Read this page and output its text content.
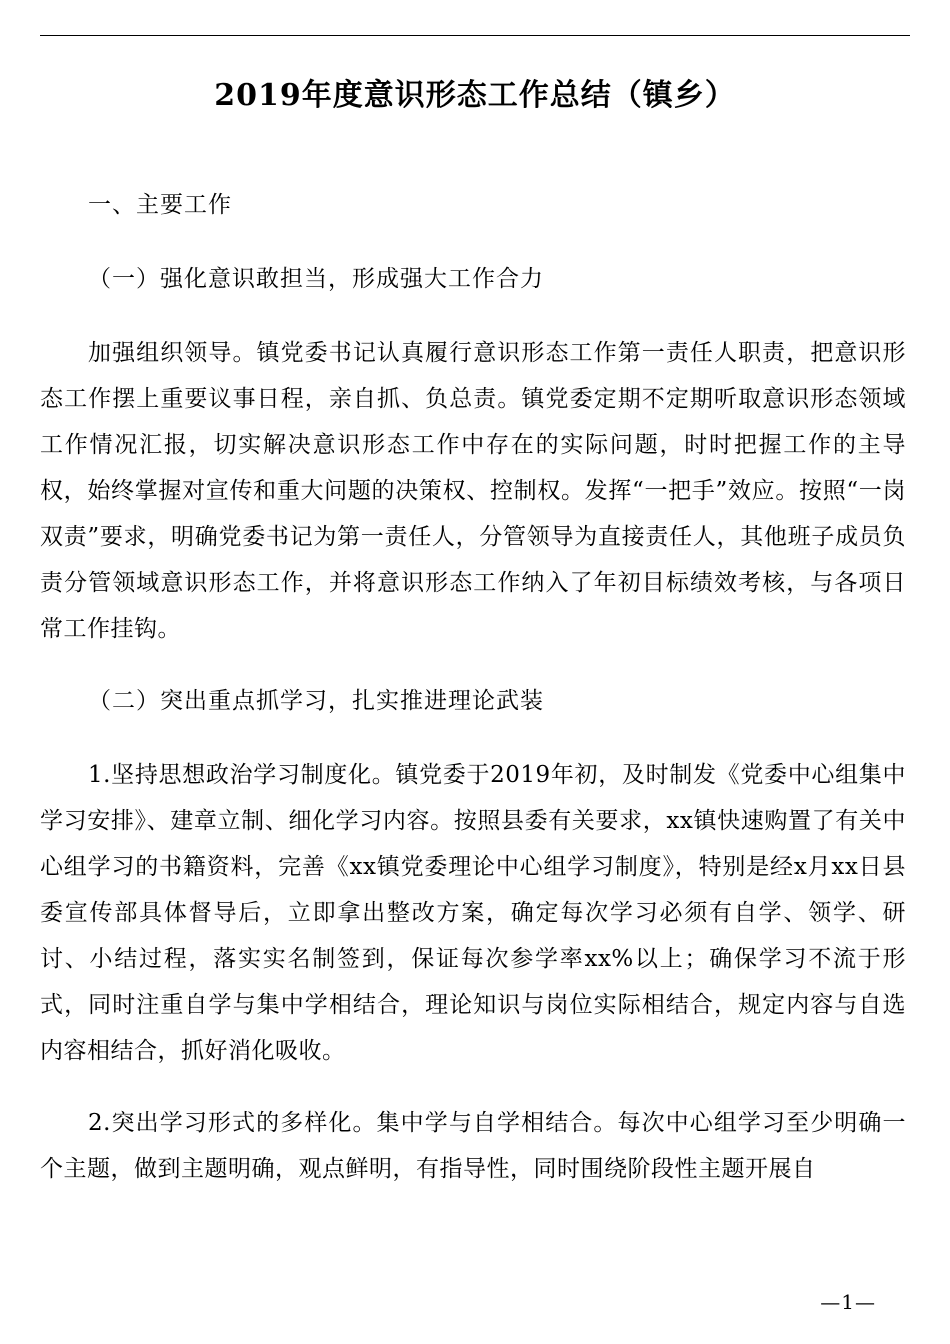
2019年度意识形态工作总结（镇乡）

一、主要工作

（一）强化意识敢担当，形成强大工作合力

加强组织领导。镇党委书记认真履行意识形态工作第一责任人职责，把意识形态工作摆上重要议事日程，亲自抓、负总责。镇党委定期不定期听取意识形态领域工作情况汇报，切实解决意识形态工作中存在的实际问题，时时把握工作的主导权，始终掌握对宣传和重大问题的决策权、控制权。发挥“一把手”效应。按照“一岗双责”要求，明确党委书记为第一责任人，分管领导为直接责任人，其他班子成员负责分管领域意识形态工作，并将意识形态工作纳入了年初目标绩效考核，与各项日常工作挂钩。

（二）突出重点抓学习，扎实推进理论武装

1.坚持思想政治学习制度化。镇党委于2019年初，及时制发《党委中心组集中学习安排》、建章立制、细化学习内容。按照县委有关要求，xx镇快速购置了有关中心组学习的书籍资料，完善《xx镇党委理论中心组学习制度》，特别是经x月xx日县委宣传部具体督导后，立即拿出整改方案，确定每次学习必须有自学、领学、研讨、小结过程，落实实名制签到，保证每次参学率xx%以上；确保学习不流于形式，同时注重自学与集中学相结合，理论知识与岗位实际相结合，规定内容与自选内容相结合，抓好消化吸收。

2.突出学习形式的多样化。集中学与自学相结合。每次中心组学习至少明确一个主题，做到主题明确，观点鲜明，有指导性，同时围绕阶段性主题开展自

—1—
